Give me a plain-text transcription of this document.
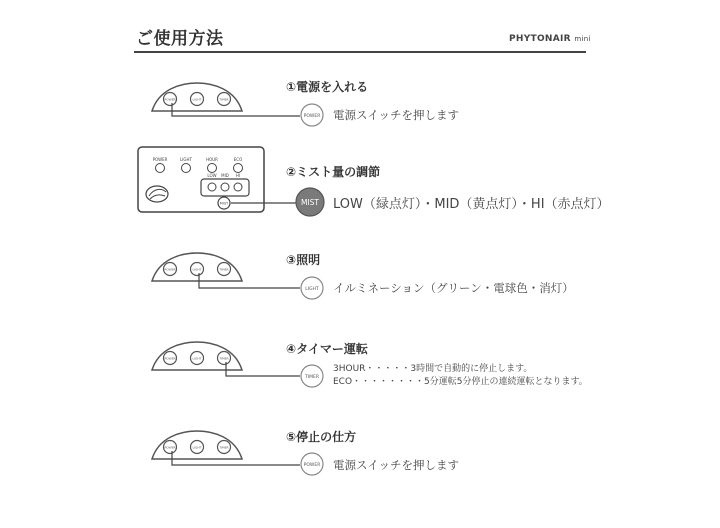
ご使用方法	PHYTONAIR mini
①電源を入れる
②ミスト量の調節
③照明
④タイマー運転
⑤停止の仕方
電源スイッチを押します
LOW（緑点灯）・MID（黄点灯）・HI（赤点灯）
イルミネーション（グリーン・電球色・消灯）
3HOUR・・・・・3時間で自動的に停止します。
ECO・・・・・・・・5分運転5分停止の連続運転となります。
電源スイッチを押します
POWER	LIGHT	TIMER
POWER
POWER	LIGHT	HOUR	ECO
LOW MID HI
MIST	MIST
POWER	LIGHT	TIMER
LIGHT
POWER	LIGHT	TIMER
TIMER
POWER	LIGHT	TIMER
POWER
